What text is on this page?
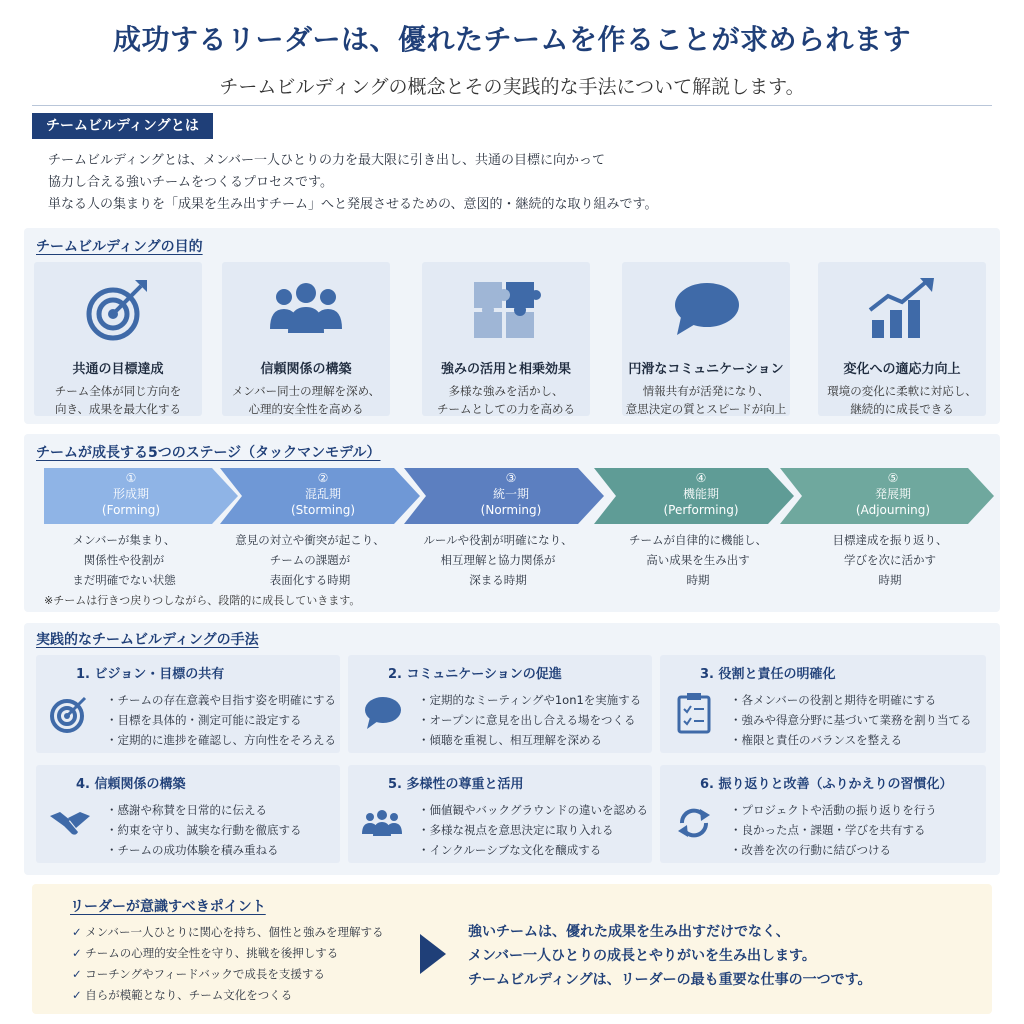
成功するリーダーは、優れたチームを作ることが求められます
チームビルディングの概念とその実践的な手法について解説します。
チームビルディングとは
チームビルディングとは、メンバー一人ひとりの力を最大限に引き出し、共通の目標に向かって
協力し合える強いチームをつくるプロセスです。
単なる人の集まりを「成果を生み出すチーム」へと発展させるための、意図的・継続的な取り組みです。
チームビルディングの目的
共通の目標達成
チーム全体が同じ方向を
向き、成果を最大化する
信頼関係の構築
メンバー同士の理解を深め、
心理的安全性を高める
強みの活用と相乗効果
多様な強みを活かし、
チームとしての力を高める
円滑なコミュニケーション
情報共有が活発になり、
意思決定の質とスピードが向上
変化への適応力向上
環境の変化に柔軟に対応し、
継続的に成長できる
チームが成長する5つのステージ（タックマンモデル）
①
形成期
(Forming)
②
混乱期
(Storming)
③
統一期
(Norming)
④
機能期
(Performing)
⑤
発展期
(Adjourning)
メンバーが集まり、
関係性や役割が
まだ明確でない状態
意見の対立や衝突が起こり、
チームの課題が
表面化する時期
ルールや役割が明確になり、
相互理解と協力関係が
深まる時期
チームが自律的に機能し、
高い成果を生み出す
時期
目標達成を振り返り、
学びを次に活かす
時期
※チームは行きつ戻りつしながら、段階的に成長していきます。
実践的なチームビルディングの手法
1. ビジョン・目標の共有
・ チームの存在意義や目指す姿を明確にする
・ 目標を具体的・測定可能に設定する
・ 定期的に進捗を確認し、方向性をそろえる
2. コミュニケーションの促進
・ 定期的なミーティングや1on1を実施する
・ オープンに意見を出し合える場をつくる
・ 傾聴を重視し、相互理解を深める
3. 役割と責任の明確化
・ 各メンバーの役割と期待を明確にする
・ 強みや得意分野に基づいて業務を割り当てる
・ 権限と責任のバランスを整える
4. 信頼関係の構築
・ 感謝や称賛を日常的に伝える
・ 約束を守り、誠実な行動を徹底する
・ チームの成功体験を積み重ねる
5. 多様性の尊重と活用
・ 価値観やバックグラウンドの違いを認める
・ 多様な視点を意思決定に取り入れる
・ インクルーシブな文化を醸成する
6. 振り返りと改善（ふりかえりの習慣化）
・ プロジェクトや活動の振り返りを行う
・ 良かった点・課題・学びを共有する
・ 改善を次の行動に結びつける
リーダーが意識すべきポイント
✓ メンバー一人ひとりに関心を持ち、個性と強みを理解する
✓ チームの心理的安全性を守り、挑戦を後押しする
✓ コーチングやフィードバックで成長を支援する
✓ 自らが模範となり、チーム文化をつくる
強いチームは、優れた成果を生み出すだけでなく、
メンバー一人ひとりの成長とやりがいを生み出します。
チームビルディングは、リーダーの最も重要な仕事の一つです。
